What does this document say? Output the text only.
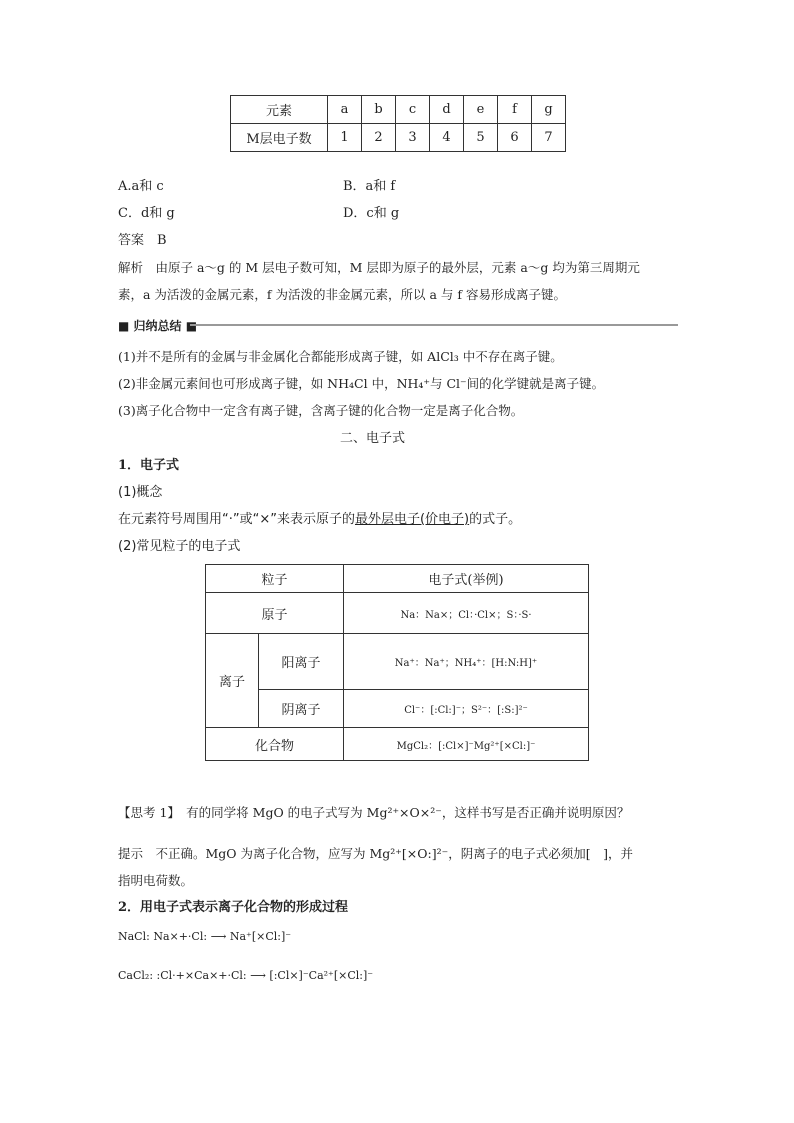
元素	a	b	c	d	e	f	g
M层电子数	1	2	3	4	5	6	7
A.a和 c	B．a和 f
C．d和 g	D．c和 g
答案　B
解析　由原子 a～g 的 M 层电子数可知，M 层即为原子的最外层，元素 a～g 均为第三周期元
素，a 为活泼的金属元素，f 为活泼的非金属元素，所以 a 与 f 容易形成离子键。
■ 归纳总结 ■
(1)并不是所有的金属与非金属化合都能形成离子键，如 AlCl₃ 中不存在离子键。
(2)非金属元素间也可形成离子键，如 NH₄Cl 中，NH₄⁺与 Cl⁻间的化学键就是离子键。
(3)离子化合物中一定含有离子键，含离子键的化合物一定是离子化合物。
二、电子式
1．电子式
(1)概念
在元素符号周围用“·”或“×”来表示原子的最外层电子(价电子)的式子。
(2)常见粒子的电子式
粒子		电子式(举例)
原子		Na：Na×；Cl：·Cl×；S：·S·
离子	阳离子	Na⁺：Na⁺；NH₄⁺：[H:N:H]⁺
	阴离子	Cl⁻：[:Cl:]⁻；S²⁻：[:S:]²⁻
化合物		MgCl₂：[:Cl×]⁻Mg²⁺[×Cl:]⁻
【思考 1】　有的同学将 MgO 的电子式写为 Mg²⁺×O×²⁻，这样书写是否正确并说明原因？
提示　不正确。MgO 为离子化合物，应写为 Mg²⁺[×O:]²⁻，阴离子的电子式必须加[　]，并
指明电荷数。
2．用电子式表示离子化合物的形成过程
NaCl: Na×+·Cl: ⟶ Na⁺[×Cl:]⁻
CaCl₂: :Cl·+×Ca×+·Cl: ⟶ [:Cl×]⁻Ca²⁺[×Cl:]⁻
